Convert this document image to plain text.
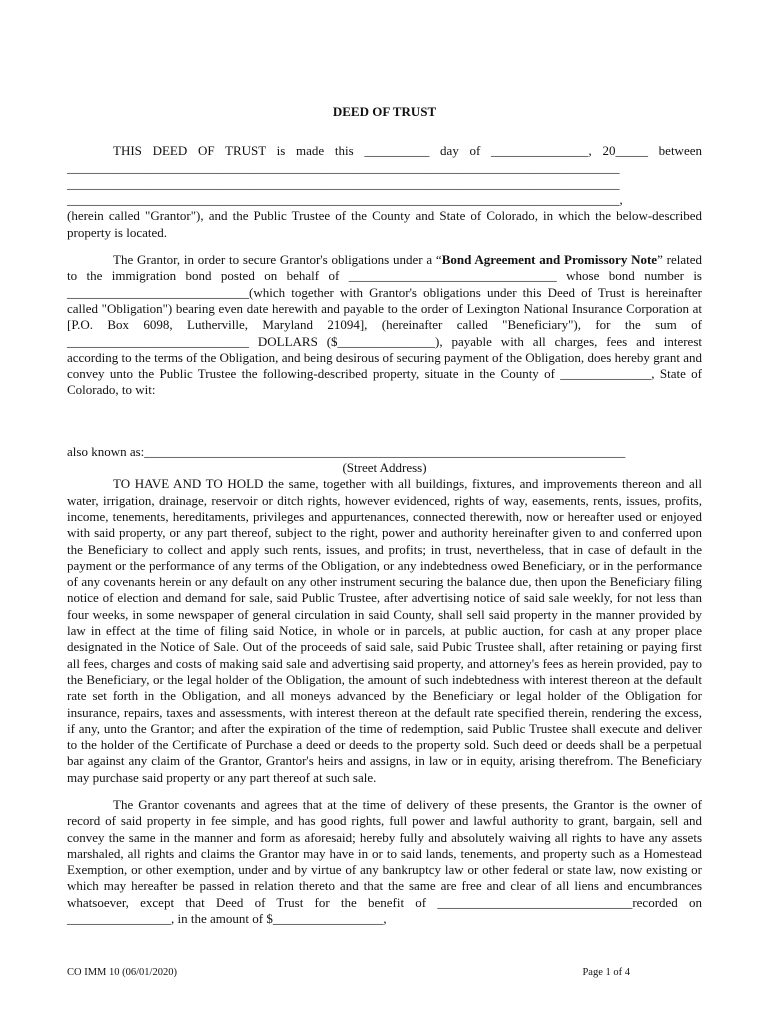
DEED OF TRUST

THIS DEED OF TRUST is made this __________ day of _______________, 20_____ between

_____________________________________________________________________________________
_____________________________________________________________________________________
_____________________________________________________________________________________,

(herein called "Grantor"), and the Public Trustee of the County and State of Colorado, in which the below-described property is located.

The Grantor, in order to secure Grantor's obligations under a “Bond Agreement and Promissory Note” related to the immigration bond posted on behalf of ________________________________ whose bond number is ____________________________(which together with Grantor's obligations under this Deed of Trust is hereinafter called "Obligation") bearing even date herewith and payable to the order of Lexington National Insurance Corporation at [P.O. Box 6098, Lutherville, Maryland 21094], (hereinafter called "Beneficiary"), for the sum of ____________________________ DOLLARS ($_______________), payable with all charges, fees and interest according to the terms of the Obligation, and being desirous of securing payment of the Obligation, does hereby grant and convey unto the Public Trustee the following-described property, situate in the County of ______________, State of Colorado, to wit:

also known as:__________________________________________________________________________
(Street Address)

TO HAVE AND TO HOLD the same, together with all buildings, fixtures, and improvements thereon and all water, irrigation, drainage, reservoir or ditch rights, however evidenced, rights of way, easements, rents, issues, profits, income, tenements, hereditaments, privileges and appurtenances, connected therewith, now or hereafter used or enjoyed with said property, or any part thereof, subject to the right, power and authority hereinafter given to and conferred upon the Beneficiary to collect and apply such rents, issues, and profits; in trust, nevertheless, that in case of default in the payment or the performance of any terms of the Obligation, or any indebtedness owed Beneficiary, or in the performance of any covenants herein or any default on any other instrument securing the balance due, then upon the Beneficiary filing notice of election and demand for sale, said Public Trustee, after advertising notice of said sale weekly, for not less than four weeks, in some newspaper of general circulation in said County, shall sell said property in the manner provided by law in effect at the time of filing said Notice, in whole or in parcels, at public auction, for cash at any proper place designated in the Notice of Sale. Out of the proceeds of said sale, said Pubic Trustee shall, after retaining or paying first all fees, charges and costs of making said sale and advertising said property, and attorney's fees as herein provided, pay to the Beneficiary, or the legal holder of the Obligation, the amount of such indebtedness with interest thereon at the default rate set forth in the Obligation, and all moneys advanced by the Beneficiary or legal holder of the Obligation for insurance, repairs, taxes and assessments, with interest thereon at the default rate specified therein, rendering the excess, if any, unto the Grantor; and after the expiration of the time of redemption, said Public Trustee shall execute and deliver to the holder of the Certificate of Purchase a deed or deeds to the property sold. Such deed or deeds shall be a perpetual bar against any claim of the Grantor, Grantor's heirs and assigns, in law or in equity, arising therefrom. The Beneficiary may purchase said property or any part thereof at such sale.

The Grantor covenants and agrees that at the time of delivery of these presents, the Grantor is the owner of record of said property in fee simple, and has good rights, full power and lawful authority to grant, bargain, sell and convey the same in the manner and form as aforesaid; hereby fully and absolutely waiving all rights to have any assets marshaled, all rights and claims the Grantor may have in or to said lands, tenements, and property such as a Homestead Exemption, or other exemption, under and by virtue of any bankruptcy law or other federal or state law, now existing or which may hereafter be passed in relation thereto and that the same are free and clear of all liens and encumbrances whatsoever, except that Deed of Trust for the benefit of ______________________________recorded on ________________, in the amount of $_________________,

CO IMM 10 (06/01/2020)	Page 1 of 4
